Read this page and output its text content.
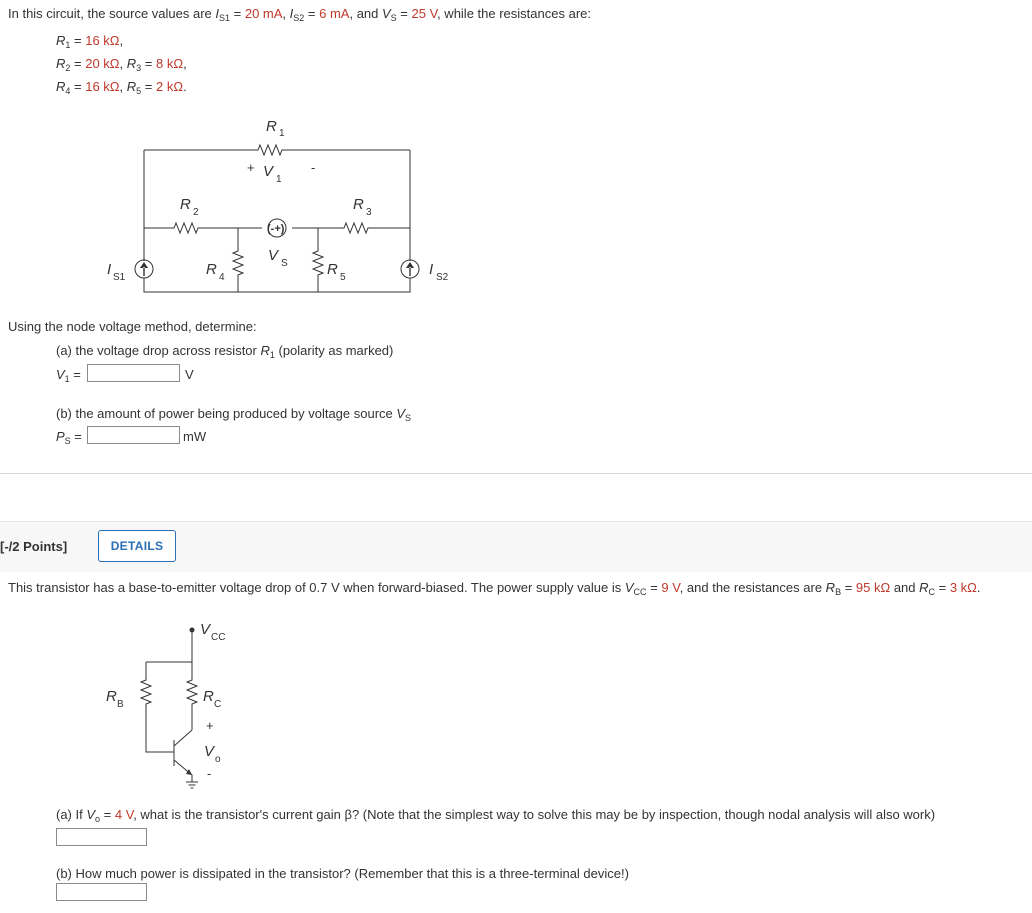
In this circuit, the source values are $I_{S1} = 20$ mA, $I_{S2} = 6$ mA, and $V_S = 25$ V, while the resistances are:
$R_1 = 16$ kΩ,
$R_2 = 20$ kΩ, $R_3 = 8$ kΩ,
$R_4 = 16$ kΩ, $R_5 = 2$ kΩ.
R 1
+ V 1
-
R 2	R 3
(-+)
V S
R 4	R 5
I S1	I S2
Using the node voltage method, determine:
(a) the voltage drop across resistor $R_1$ (polarity as marked)
$V_1$ =	V
(b) the amount of power being produced by voltage source $V_S$
$P_S$ =	mW
[-/2 Points]	DETAILS
This transistor has a base-to-emitter voltage drop of 0.7 V when forward-biased. The power supply value is $V_{CC} = 9$ V, and the resistances are $R_B = 95$ kΩ and $R_C = 3$ kΩ.
V CC
R B	R C
+
V o
-
(a) If $V_o = 4$ V, what is the transistor's current gain β? (Note that the simplest way to solve this may be by inspection, though nodal analysis will also work)
(b) How much power is dissipated in the transistor? (Remember that this is a three-terminal device!)
